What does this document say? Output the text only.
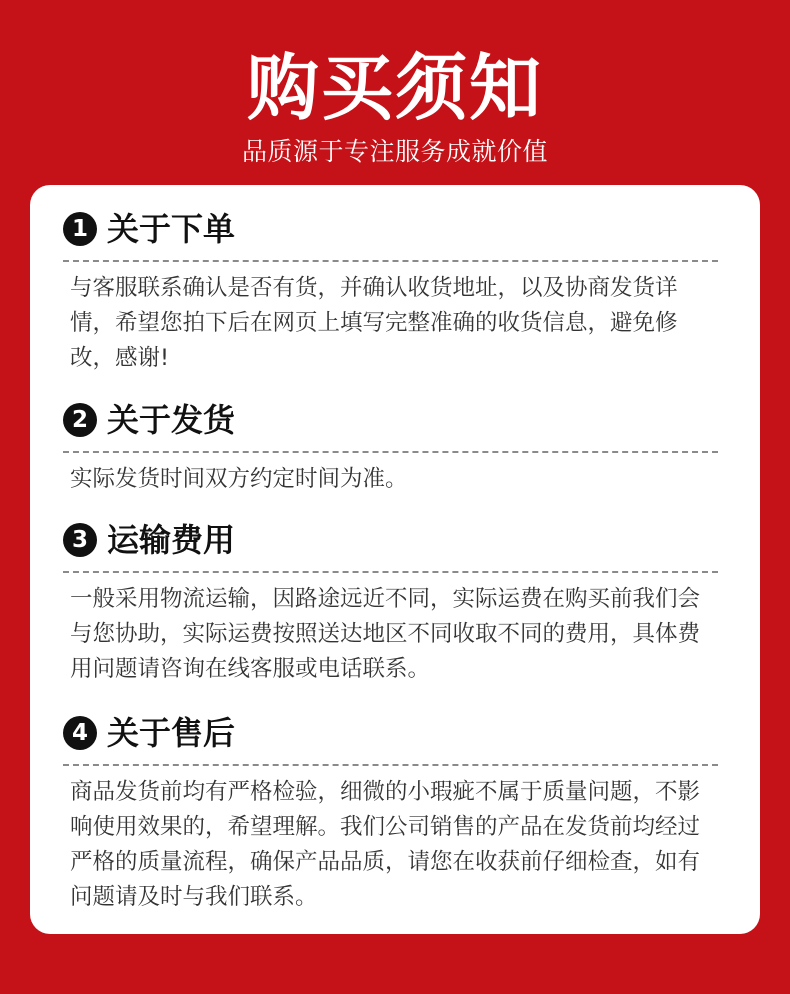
购买须知
品质源于专注服务成就价值
1 关于下单
与客服联系确认是否有货，并确认收货地址，以及协商发货详情，希望您拍下后在网页上填写完整准确的收货信息，避免修改，感谢!
2 关于发货
实际发货时间双方约定时间为准。
3 运输费用
一般采用物流运输，因路途远近不同，实际运费在购买前我们会与您协助，实际运费按照送达地区不同收取不同的费用，具体费用问题请咨询在线客服或电话联系。
4 关于售后
商品发货前均有严格检验，细微的小瑕疵不属于质量问题，不影响使用效果的，希望理解。我们公司销售的产品在发货前均经过严格的质量流程，确保产品品质，请您在收获前仔细检查，如有问题请及时与我们联系。
